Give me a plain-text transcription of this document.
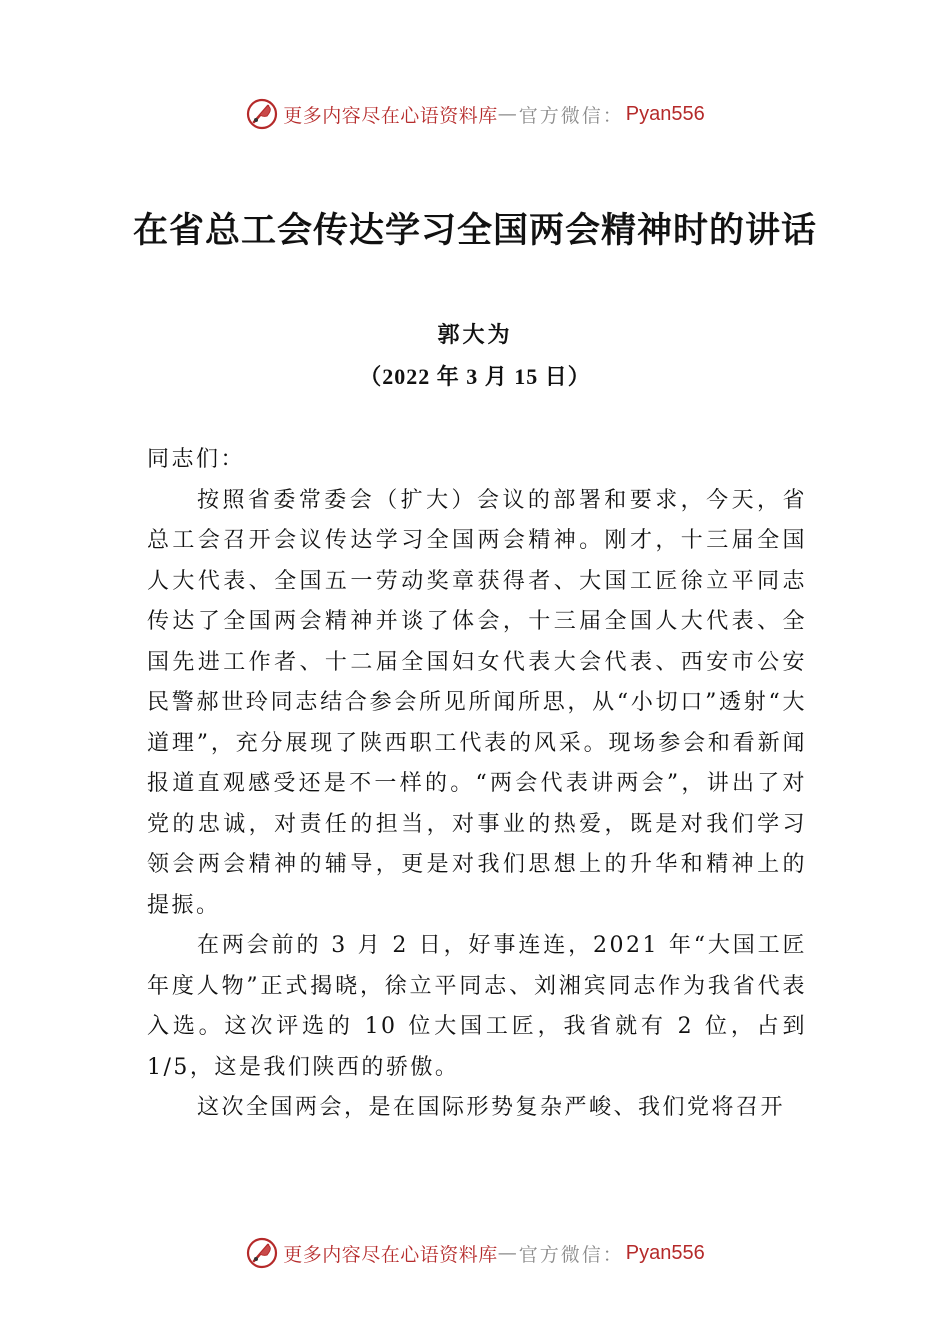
更多内容尽在心语资料库 — 官方微信： Pyan556
在省总工会传达学习全国两会精神时的讲话
郭大为
（2022 年 3 月 15 日）

同志们：

按照省委常委会（扩大）会议的部署和要求，今天，省总工会召开会议传达学习全国两会精神。刚才，十三届全国人大代表、全国五一劳动奖章获得者、大国工匠徐立平同志传达了全国两会精神并谈了体会，十三届全国人大代表、全国先进工作者、十二届全国妇女代表大会代表、西安市公安民警郝世玲同志结合参会所见所闻所思，从“小切口”透射“大道理”，充分展现了陕西职工代表的风采。现场参会和看新闻报道直观感受还是不一样的。“两会代表讲两会”，讲出了对党的忠诚，对责任的担当，对事业的热爱，既是对我们学习领会两会精神的辅导，更是对我们思想上的升华和精神上的提振。

在两会前的 3 月 2 日，好事连连，2021 年“大国工匠年度人物”正式揭晓，徐立平同志、刘湘宾同志作为我省代表入选。这次评选的 10 位大国工匠，我省就有 2 位，占到 1/5，这是我们陕西的骄傲。

这次全国两会，是在国际形势复杂严峻、我们党将召开

更多内容尽在心语资料库 — 官方微信： Pyan556
